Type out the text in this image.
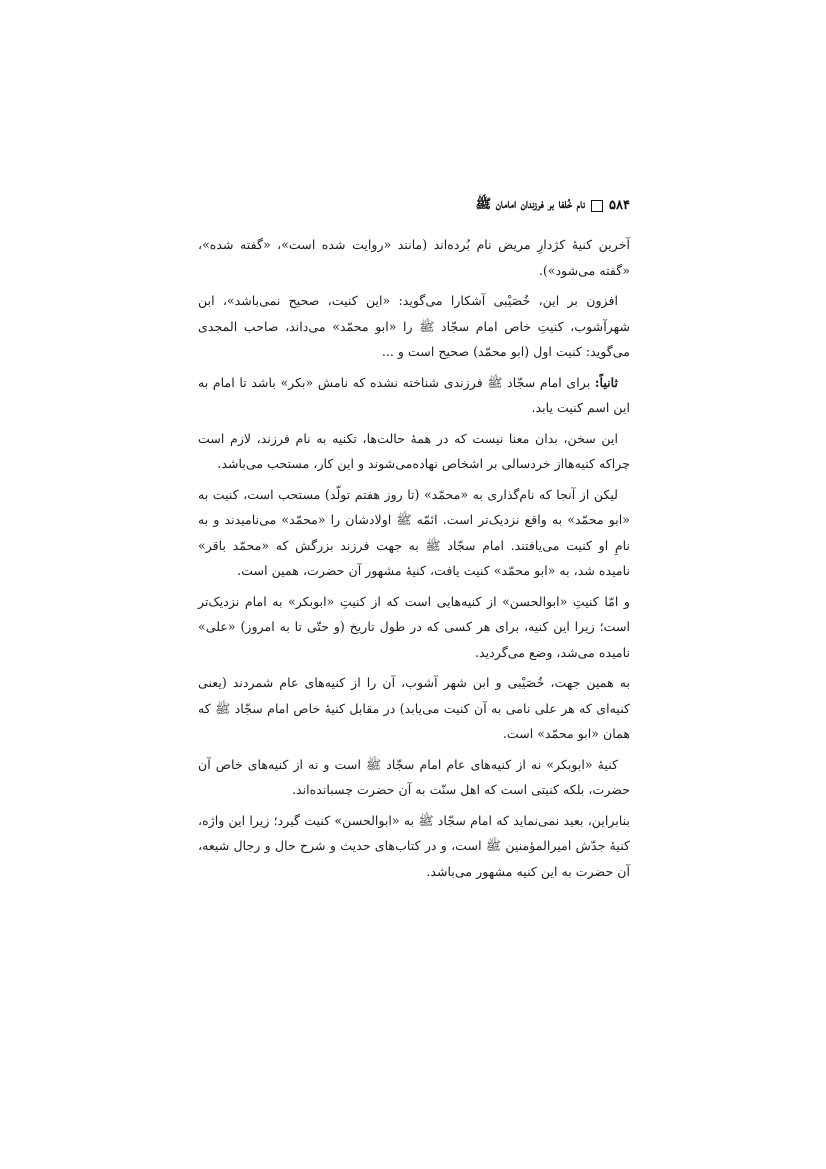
۵۸۴
نام خُلفا بر فرزندان امامان ﷺ

آخرین کنیهٔ کژدارِ مریض نام بُرده‌اند (مانند «روایت شده است»، «گفته شده»، «گفته می‌شود»).

افزون بر این، خُصَیْبی آشکارا می‌گوید: «این کنیت، صحیح نمی‌باشد»، ابن شهرآشوب، کنیتِ خاص امام سجّاد ﷺ را «ابو محمّد» می‌داند، صاحب المجدی می‌گوید: کنیت اول (ابو محمّد) صحیح است و ...

ثانیاً: برای امام سجّاد ﷺ فرزندی شناخته نشده که نامش «بکر» باشد تا امام به این اسم کنیت یابد.

این سخن، بدان معنا نیست که در همهٔ حالت‌ها، تکنیه به نام فرزند، لازم است چراکه کنیه‌هااز خردسالی بر اشخاص نهاده‌می‌شوند و این کار، مستحب می‌باشد.

لیکن از آنجا که نام‌گذاری به «محمّد» (تا روز هفتم تولّد) مستحب است، کنیت به «ابو محمّد» به واقع نزدیک‌تر است. ائمّه ﷺ اولادشان را «محمّد» می‌نامیدند و به نامِ او کنیت می‌یافتند. امام سجّاد ﷺ به جهت فرزند بزرگش که «محمّد باقر» نامیده شد، به «ابو محمّد» کنیت یافت، کنیهٔ مشهور آن حضرت، همین است.

و امّا کنیتِ «ابوالحسن» از کنیه‌هایی است که از کنیتِ «ابوبکر» به امام نزدیک‌تر است؛ زیرا این کنیه، برای هر کسی که در طول تاریخ (و حتّی تا به امروز) «علی» نامیده می‌شد، وضع می‌گردید.

به همین جهت، خُصَیْبی و ابن شهر آشوب، آن را از کنیه‌های عام شمردند (یعنی کنیه‌ای که هر علی نامی به آن کنیت می‌یابد) در مقابل کنیهٔ خاص امام سجّاد ﷺ که همان «ابو محمّد» است.

کنیهٔ «ابوبکر» نه از کنیه‌های عام امام سجّاد ﷺ است و نه از کنیه‌های خاص آن حضرت، بلکه کنیتی است که اهل سنّت به آن حضرت چسبانده‌اند.

بنابراین، بعید نمی‌نماید که امام سجّاد ﷺ به «ابوالحسن» کنیت گیرد؛ زیرا این واژه، کنیهٔ جدّش امیرالمؤمنین ﷺ است، و در کتاب‌های حدیث و شرح حال و رجال شیعه، آن حضرت به این کنیه مشهور می‌باشد.
